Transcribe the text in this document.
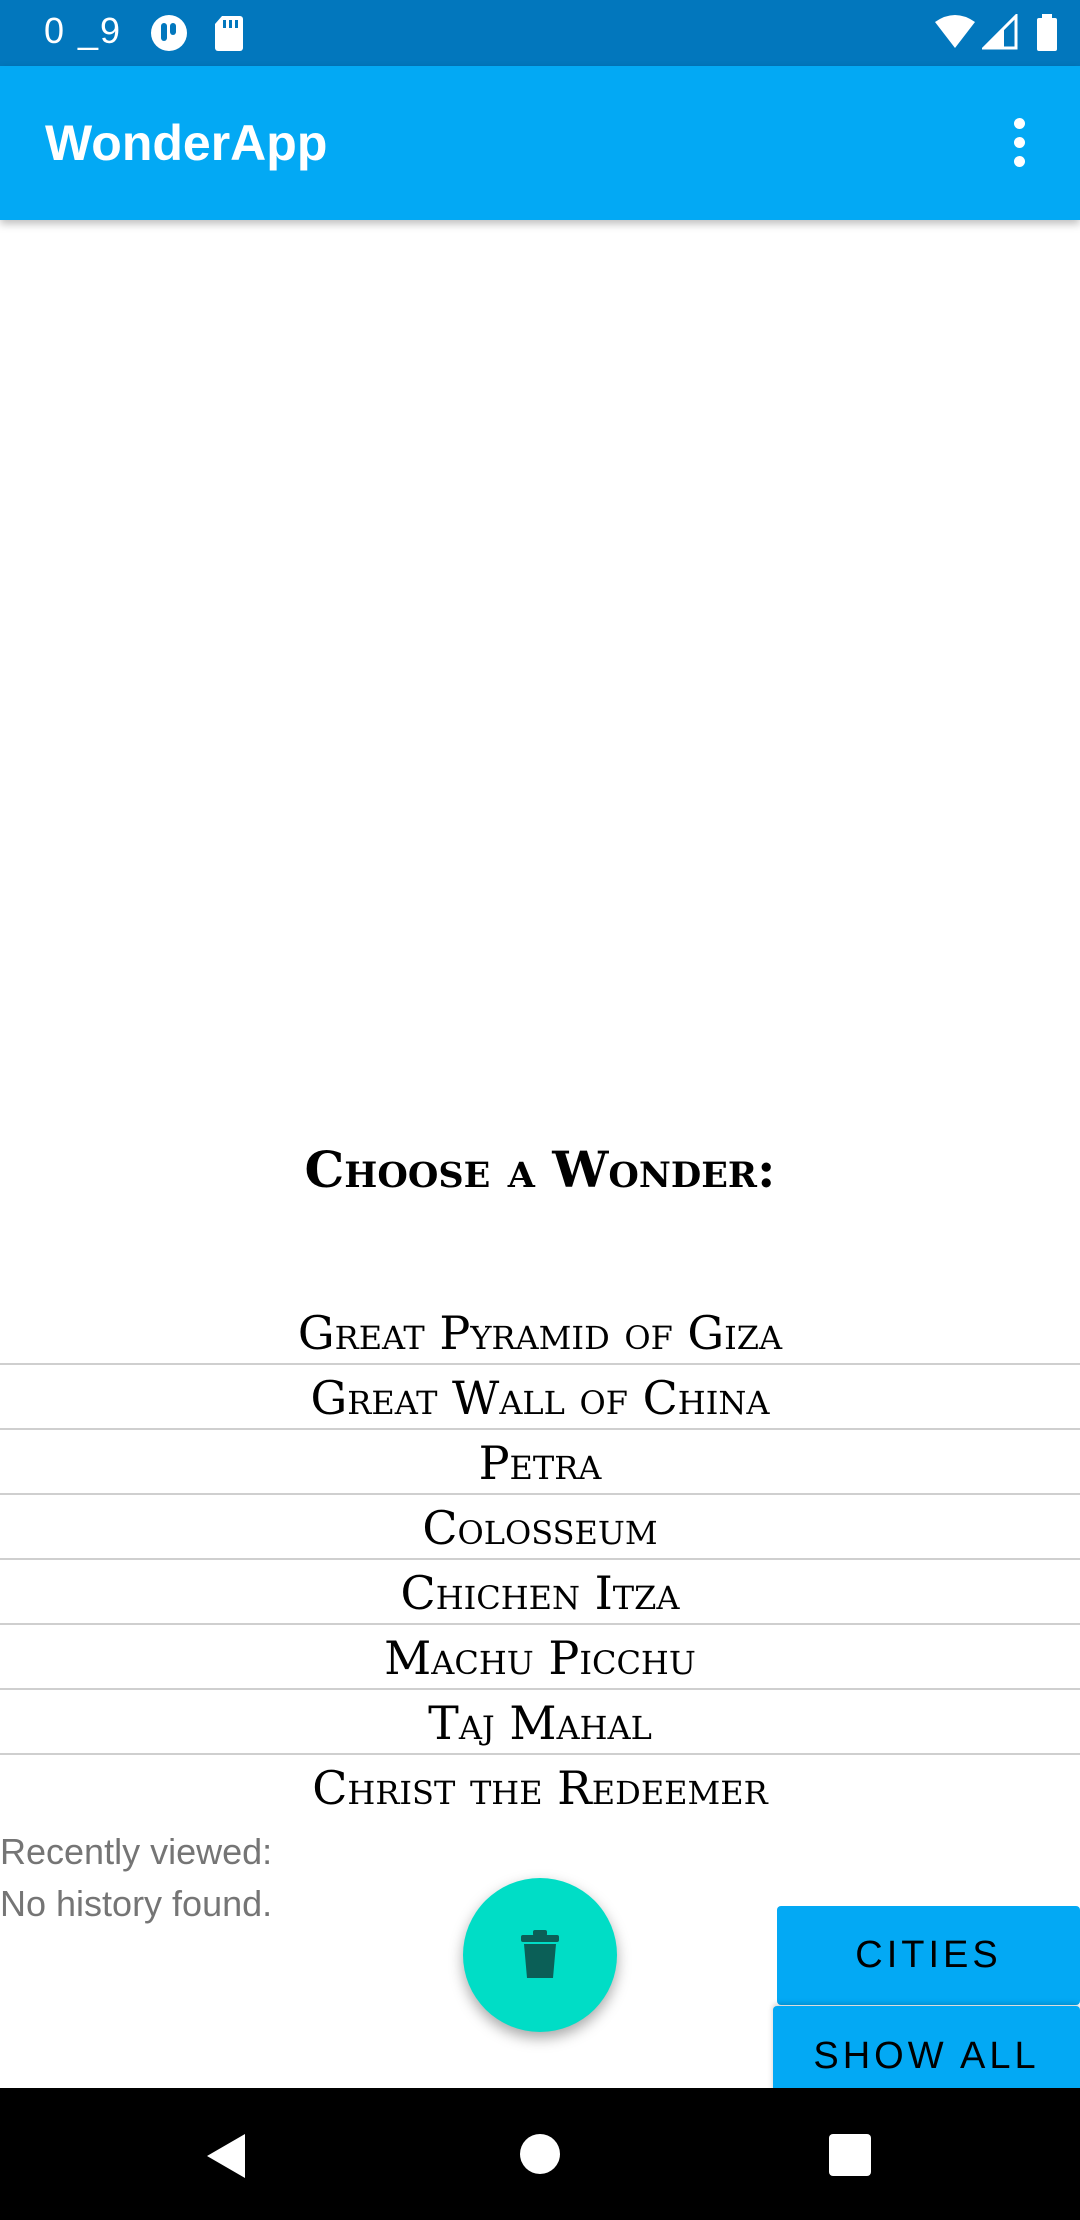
0 _9
WonderApp
Choose a Wonder:
Great Pyramid of Giza
Great Wall of China
Petra
Colosseum
Chichen Itza
Machu Picchu
Taj Mahal
Christ the Redeemer
Recently viewed:
No history found.
CITIES
SHOW ALL
